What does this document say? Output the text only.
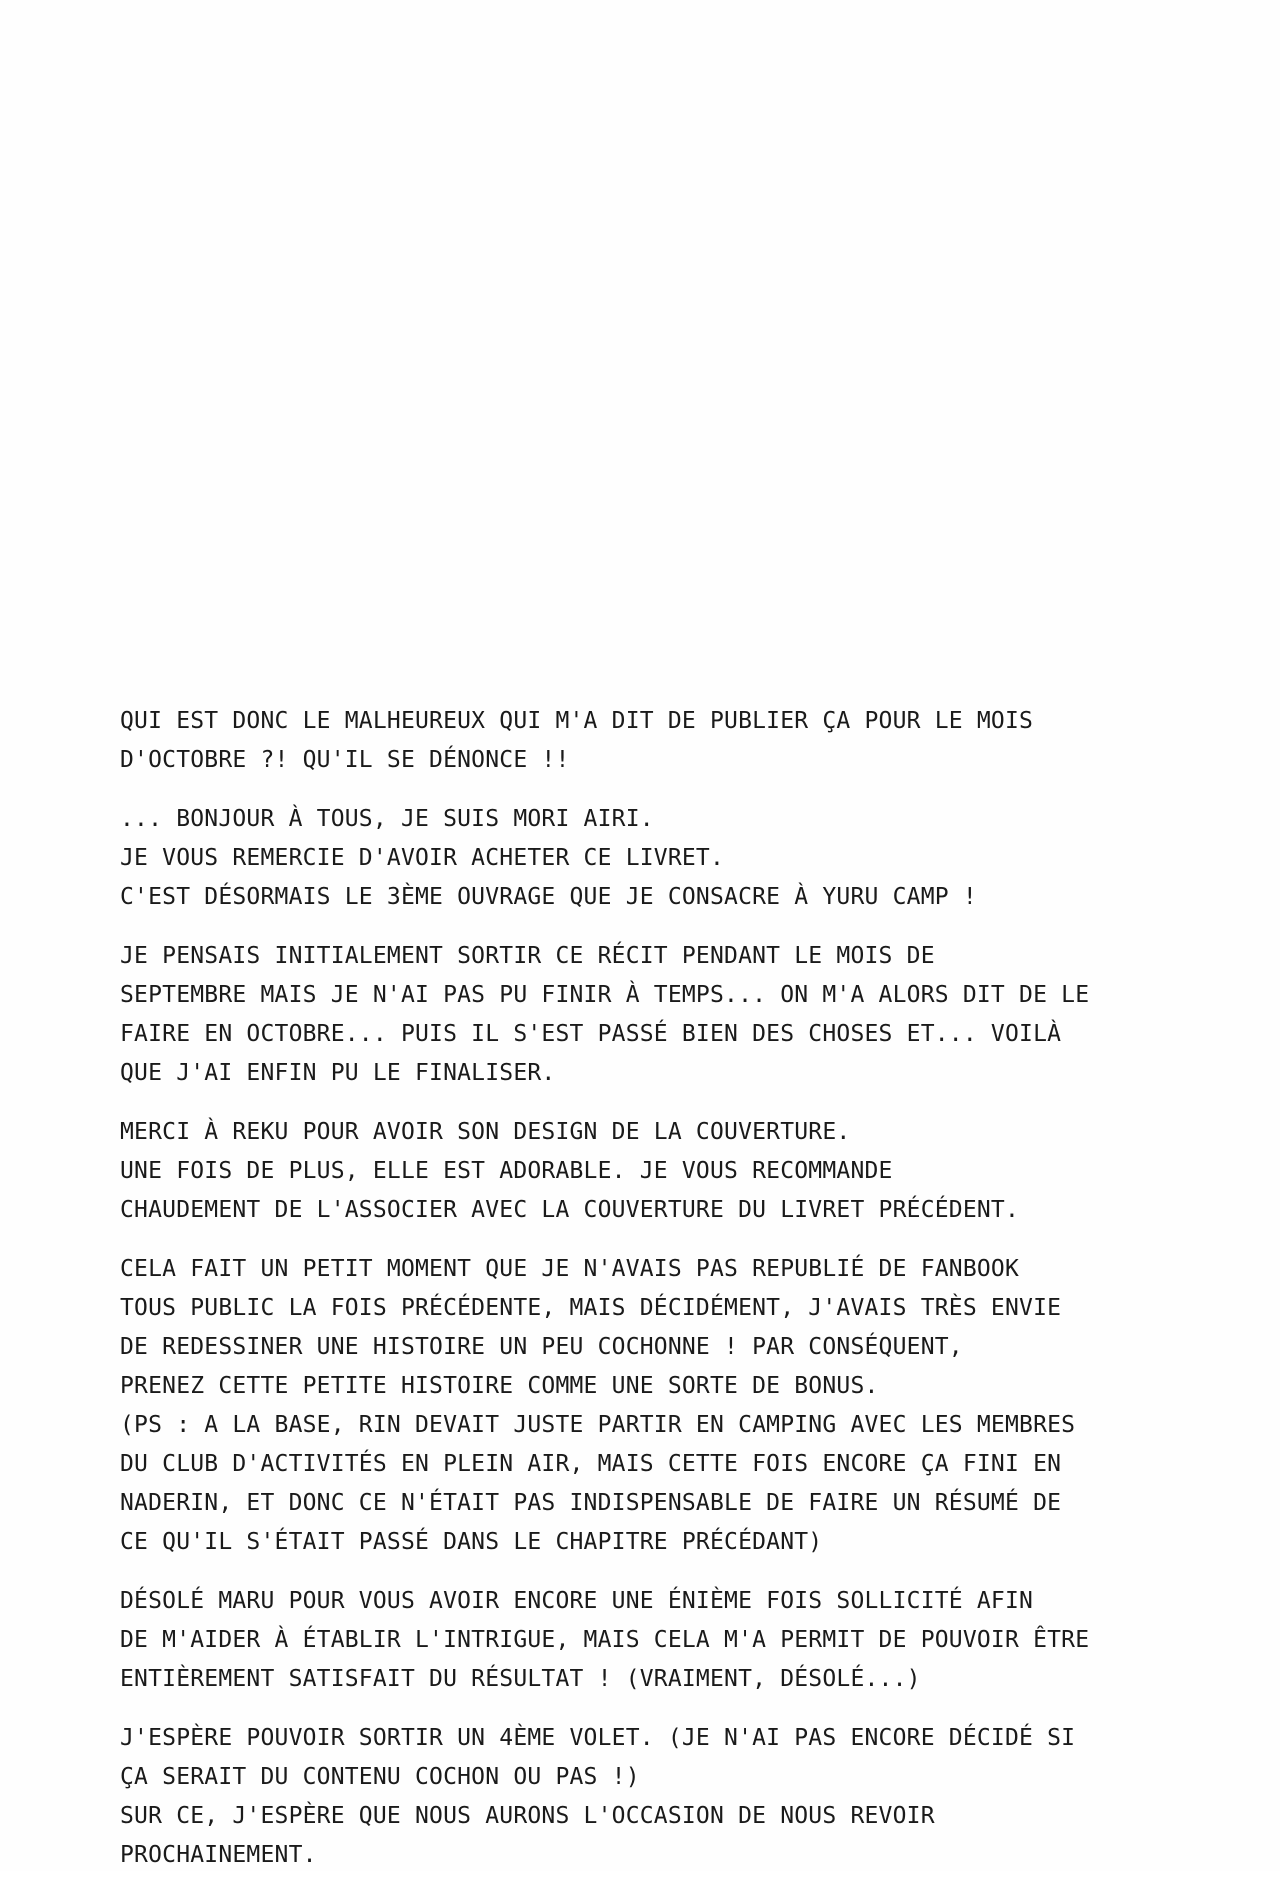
QUI EST DONC LE MALHEUREUX QUI M'A DIT DE PUBLIER ÇA POUR LE MOIS
D'OCTOBRE ?! QU'IL SE DÉNONCE !!
... BONJOUR À TOUS, JE SUIS MORI AIRI.
JE VOUS REMERCIE D'AVOIR ACHETER CE LIVRET.
C'EST DÉSORMAIS LE 3ÈME OUVRAGE QUE JE CONSACRE À YURU CAMP !
JE PENSAIS INITIALEMENT SORTIR CE RÉCIT PENDANT LE MOIS DE
SEPTEMBRE MAIS JE N'AI PAS PU FINIR À TEMPS... ON M'A ALORS DIT DE LE
FAIRE EN OCTOBRE... PUIS IL S'EST PASSÉ BIEN DES CHOSES ET... VOILÀ
QUE J'AI ENFIN PU LE FINALISER.
MERCI À REKU POUR AVOIR SON DESIGN DE LA COUVERTURE.
UNE FOIS DE PLUS, ELLE EST ADORABLE. JE VOUS RECOMMANDE
CHAUDEMENT DE L'ASSOCIER AVEC LA COUVERTURE DU LIVRET PRÉCÉDENT.
CELA FAIT UN PETIT MOMENT QUE JE N'AVAIS PAS REPUBLIÉ DE FANBOOK
TOUS PUBLIC LA FOIS PRÉCÉDENTE, MAIS DÉCIDÉMENT, J'AVAIS TRÈS ENVIE
DE REDESSINER UNE HISTOIRE UN PEU COCHONNE ! PAR CONSÉQUENT,
PRENEZ CETTE PETITE HISTOIRE COMME UNE SORTE DE BONUS.
(PS : A LA BASE, RIN DEVAIT JUSTE PARTIR EN CAMPING AVEC LES MEMBRES
DU CLUB D'ACTIVITÉS EN PLEIN AIR, MAIS CETTE FOIS ENCORE ÇA FINI EN
NADERIN, ET DONC CE N'ÉTAIT PAS INDISPENSABLE DE FAIRE UN RÉSUMÉ DE
CE QU'IL S'ÉTAIT PASSÉ DANS LE CHAPITRE PRÉCÉDANT)
DÉSOLÉ MARU POUR VOUS AVOIR ENCORE UNE ÉNIÈME FOIS SOLLICITÉ AFIN
DE M'AIDER À ÉTABLIR L'INTRIGUE, MAIS CELA M'A PERMIT DE POUVOIR ÊTRE
ENTIÈREMENT SATISFAIT DU RÉSULTAT ! (VRAIMENT, DÉSOLÉ...)
J'ESPÈRE POUVOIR SORTIR UN 4ÈME VOLET. (JE N'AI PAS ENCORE DÉCIDÉ SI
ÇA SERAIT DU CONTENU COCHON OU PAS !)
SUR CE, J'ESPÈRE QUE NOUS AURONS L'OCCASION DE NOUS REVOIR
PROCHAINEMENT.
